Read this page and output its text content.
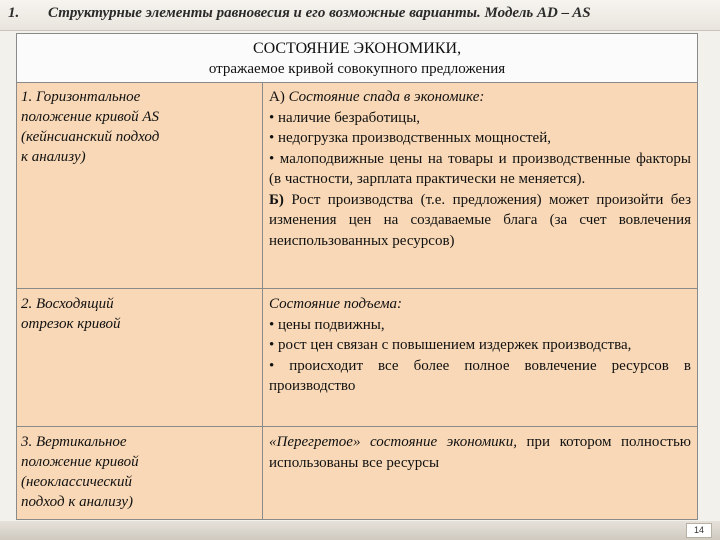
1. Структурные элементы равновесия и его возможные варианты. Модель AD – AS
СОСТОЯНИЕ ЭКОНОМИКИ,
отражаемое кривой совокупного предложения
1. Горизонтальное
положение кривой AS
(кейнсианский подход
к анализу)
А) Состояние спада в экономике:
• наличие безработицы,
• недогрузка производственных мощностей,
• малоподвижные цены на товары и производственные факторы (в частности, зарплата практически не меняется).
Б) Рост производства (т.е. предложения) может произойти без изменения цен на создаваемые блага (за счет вовлечения неиспользованных ресурсов)
2. Восходящий
отрезок кривой
Состояние подъема:
• цены подвижны,
• рост цен связан с повышением издержек производства,
• происходит все более полное вовлечение ресурсов в производство
3. Вертикальное
положение кривой
(неоклассический
подход к анализу)
«Перегретое» состояние экономики, при котором полностью использованы все ресурсы
14
